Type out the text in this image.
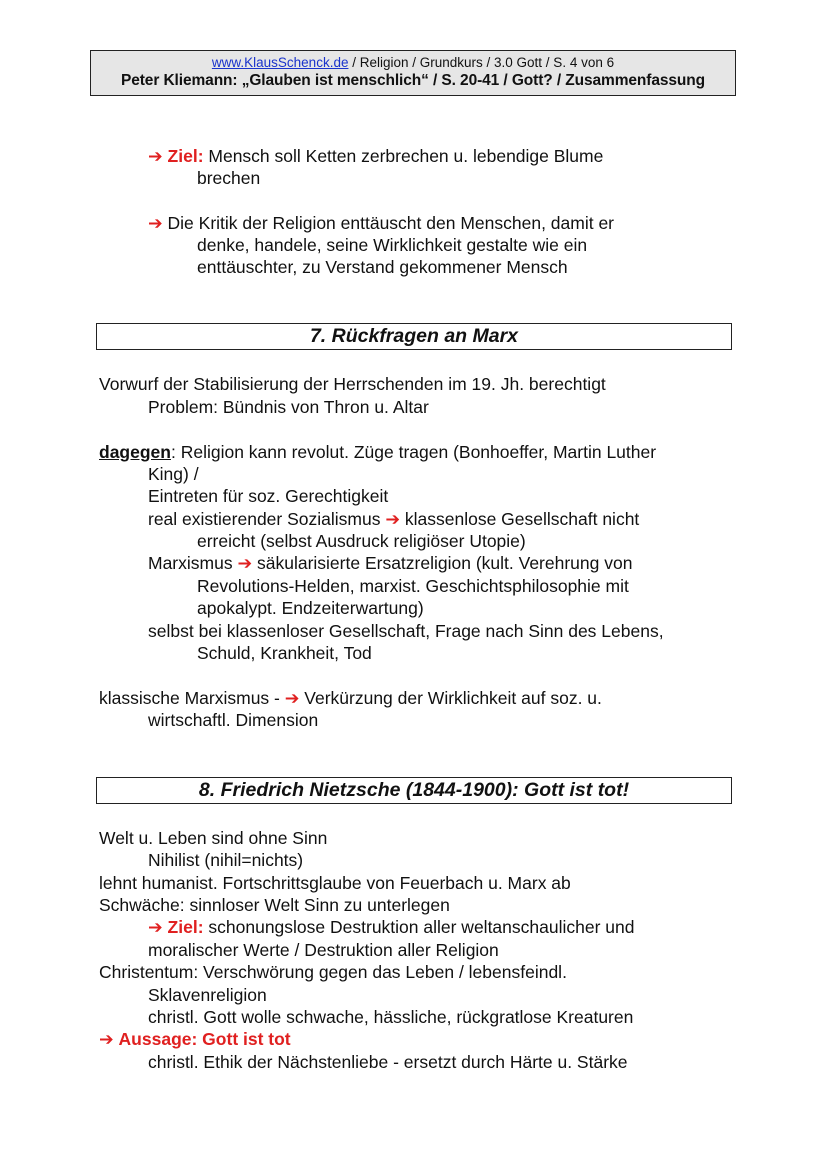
www.KlausSchenck.de / Religion / Grundkurs / 3.0 Gott / S. 4 von 6
Peter Kliemann: „Glauben ist menschlich“ / S. 20-41 / Gott? / Zusammenfassung
➔ Ziel: Mensch soll Ketten zerbrechen u. lebendige Blume
brechen
➔ Die Kritik der Religion enttäuscht den Menschen, damit er
denke, handele, seine Wirklichkeit gestalte wie ein
enttäuschter, zu Verstand gekommener Mensch
7. Rückfragen an Marx
Vorwurf der Stabilisierung der Herrschenden im 19. Jh. berechtigt
Problem: Bündnis von Thron u. Altar
dagegen: Religion kann revolut. Züge tragen (Bonhoeffer, Martin Luther
King) /
Eintreten für soz. Gerechtigkeit
real existierender Sozialismus ➔ klassenlose Gesellschaft nicht
erreicht (selbst Ausdruck religiöser Utopie)
Marxismus ➔ säkularisierte Ersatzreligion (kult. Verehrung von
Revolutions-Helden, marxist. Geschichtsphilosophie mit
apokalypt. Endzeiterwartung)
selbst bei klassenloser Gesellschaft, Frage nach Sinn des Lebens,
Schuld, Krankheit, Tod
klassische Marxismus - ➔ Verkürzung der Wirklichkeit auf soz. u.
wirtschaftl. Dimension
8. Friedrich Nietzsche (1844-1900): Gott ist tot!
Welt u. Leben sind ohne Sinn
Nihilist (nihil=nichts)
lehnt humanist. Fortschrittsglaube von Feuerbach u. Marx ab
Schwäche: sinnloser Welt Sinn zu unterlegen
➔ Ziel: schonungslose Destruktion aller weltanschaulicher und
moralischer Werte / Destruktion aller Religion
Christentum: Verschwörung gegen das Leben / lebensfeindl.
Sklavenreligion
christl. Gott wolle schwache, hässliche, rückgratlose Kreaturen
➔ Aussage: Gott ist tot
christl. Ethik der Nächstenliebe - ersetzt durch Härte u. Stärke
